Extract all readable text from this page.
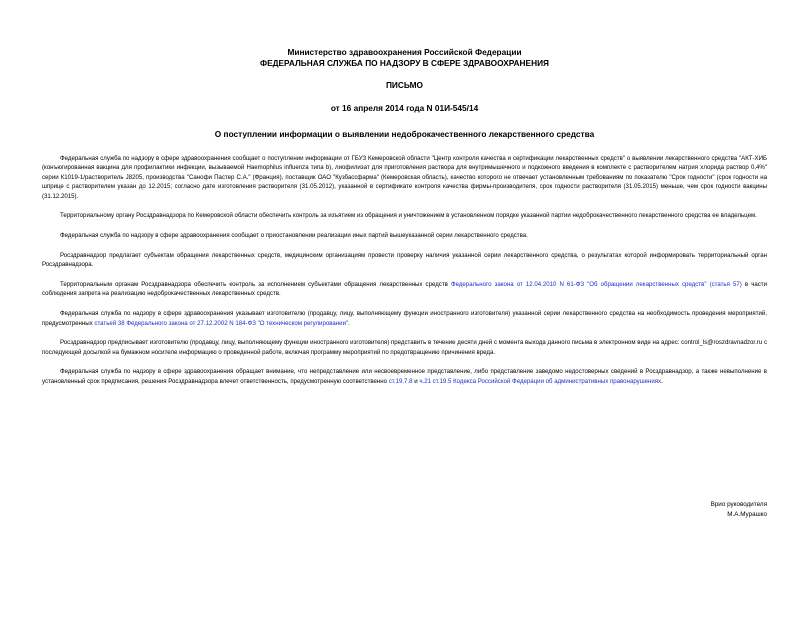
Министерство здравоохранения Российской Федерации
ФЕДЕРАЛЬНАЯ СЛУЖБА ПО НАДЗОРУ В СФЕРЕ ЗДРАВООХРАНЕНИЯ
ПИСЬМО
от 16 апреля 2014 года N 01И-545/14
О поступлении информации о выявлении недоброкачественного лекарственного средства

Федеральная служба по надзору в сфере здравоохранения сообщает о поступлении информации от ГБУЗ Кемеровской области "Центр контроля качества и сертификации лекарственных средств" о выявлении лекарственного средства "АКТ-ХИБ (конъюгированная вакцина для профилактики инфекции, вызываемой Haemophilus influenza типа b), лиофилизат для приготовления раствора для внутримышечного и подкожного введения в комплекте с растворителем натрия хлорида раствор 0,4%" серии К1019-1/растворитель J8205, производства "Санофи Пастер С.А." (Франция), поставщик ОАО "Кузбассфарма" (Кемеровская область), качество которого не отвечает установленным требованиям по показателю "Срок годности" (срок годности на шприце с растворителем указан до 12.2015; согласно дате изготовления растворителя (31.05.2012), указанной в сертификате контроля качества фирмы-производителя, срок годности растворителя (31.05.2015) меньше, чем срок годности вакцины (31.12.2015).

Территориальному органу Росздравнадзора по Кемеровской области обеспечить контроль за изъятием из обращения и уничтожением в установленном порядке указанной партии недоброкачественного лекарственного средства ее владельцем.

Федеральная служба по надзору в сфере здравоохранения сообщает о приостановлении реализации иных партий вышеуказанной серии лекарственного средства.

Росздравнадзор предлагает субъектам обращения лекарственных средств, медицинским организациям провести проверку наличия указанной серии лекарственного средства, о результатах которой информировать территориальный орган Росздравнадзора.

Территориальным органам Росздравнадзора обеспечить контроль за исполнением субъектами обращения лекарственных средств Федерального закона от 12.04.2010 N 61-ФЗ "Об обращении лекарственных средств" (статья 57) в части соблюдения запрета на реализацию недоброкачественных лекарственных средств.

Федеральная служба по надзору в сфере здравоохранения указывает изготовителю (продавцу, лицу, выполняющему функции иностранного изготовителя) указанной серии лекарственного средства на необходимость проведения мероприятий, предусмотренных статьей 38 Федерального закона от 27.12.2002 N 184-ФЗ "О техническом регулировании".

Росздравнадзор предписывает изготовителю (продавцу, лицу, выполняющему функции иностранного изготовителя) представить в течение десяти дней с момента выхода данного письма в электронном виде на адрес: control_ls@roszdravnadzor.ru с последующей досылкой на бумажном носителе информацию о проведенной работе, включая программу мероприятий по предотвращению причинения вреда.

Федеральная служба по надзору в сфере здравоохранения обращает внимание, что непредставление или несвоевременное представление, либо представление заведомо недостоверных сведений в Росздравнадзор, а также невыполнение в установленный срок предписания, решения Росздравнадзора влечет ответственность, предусмотренную соответственно ст.19.7.8 и ч.21 ст.19.5 Кодекса Российской Федерации об административных правонарушениях.

Врио руководителя
М.А.Мурашко
